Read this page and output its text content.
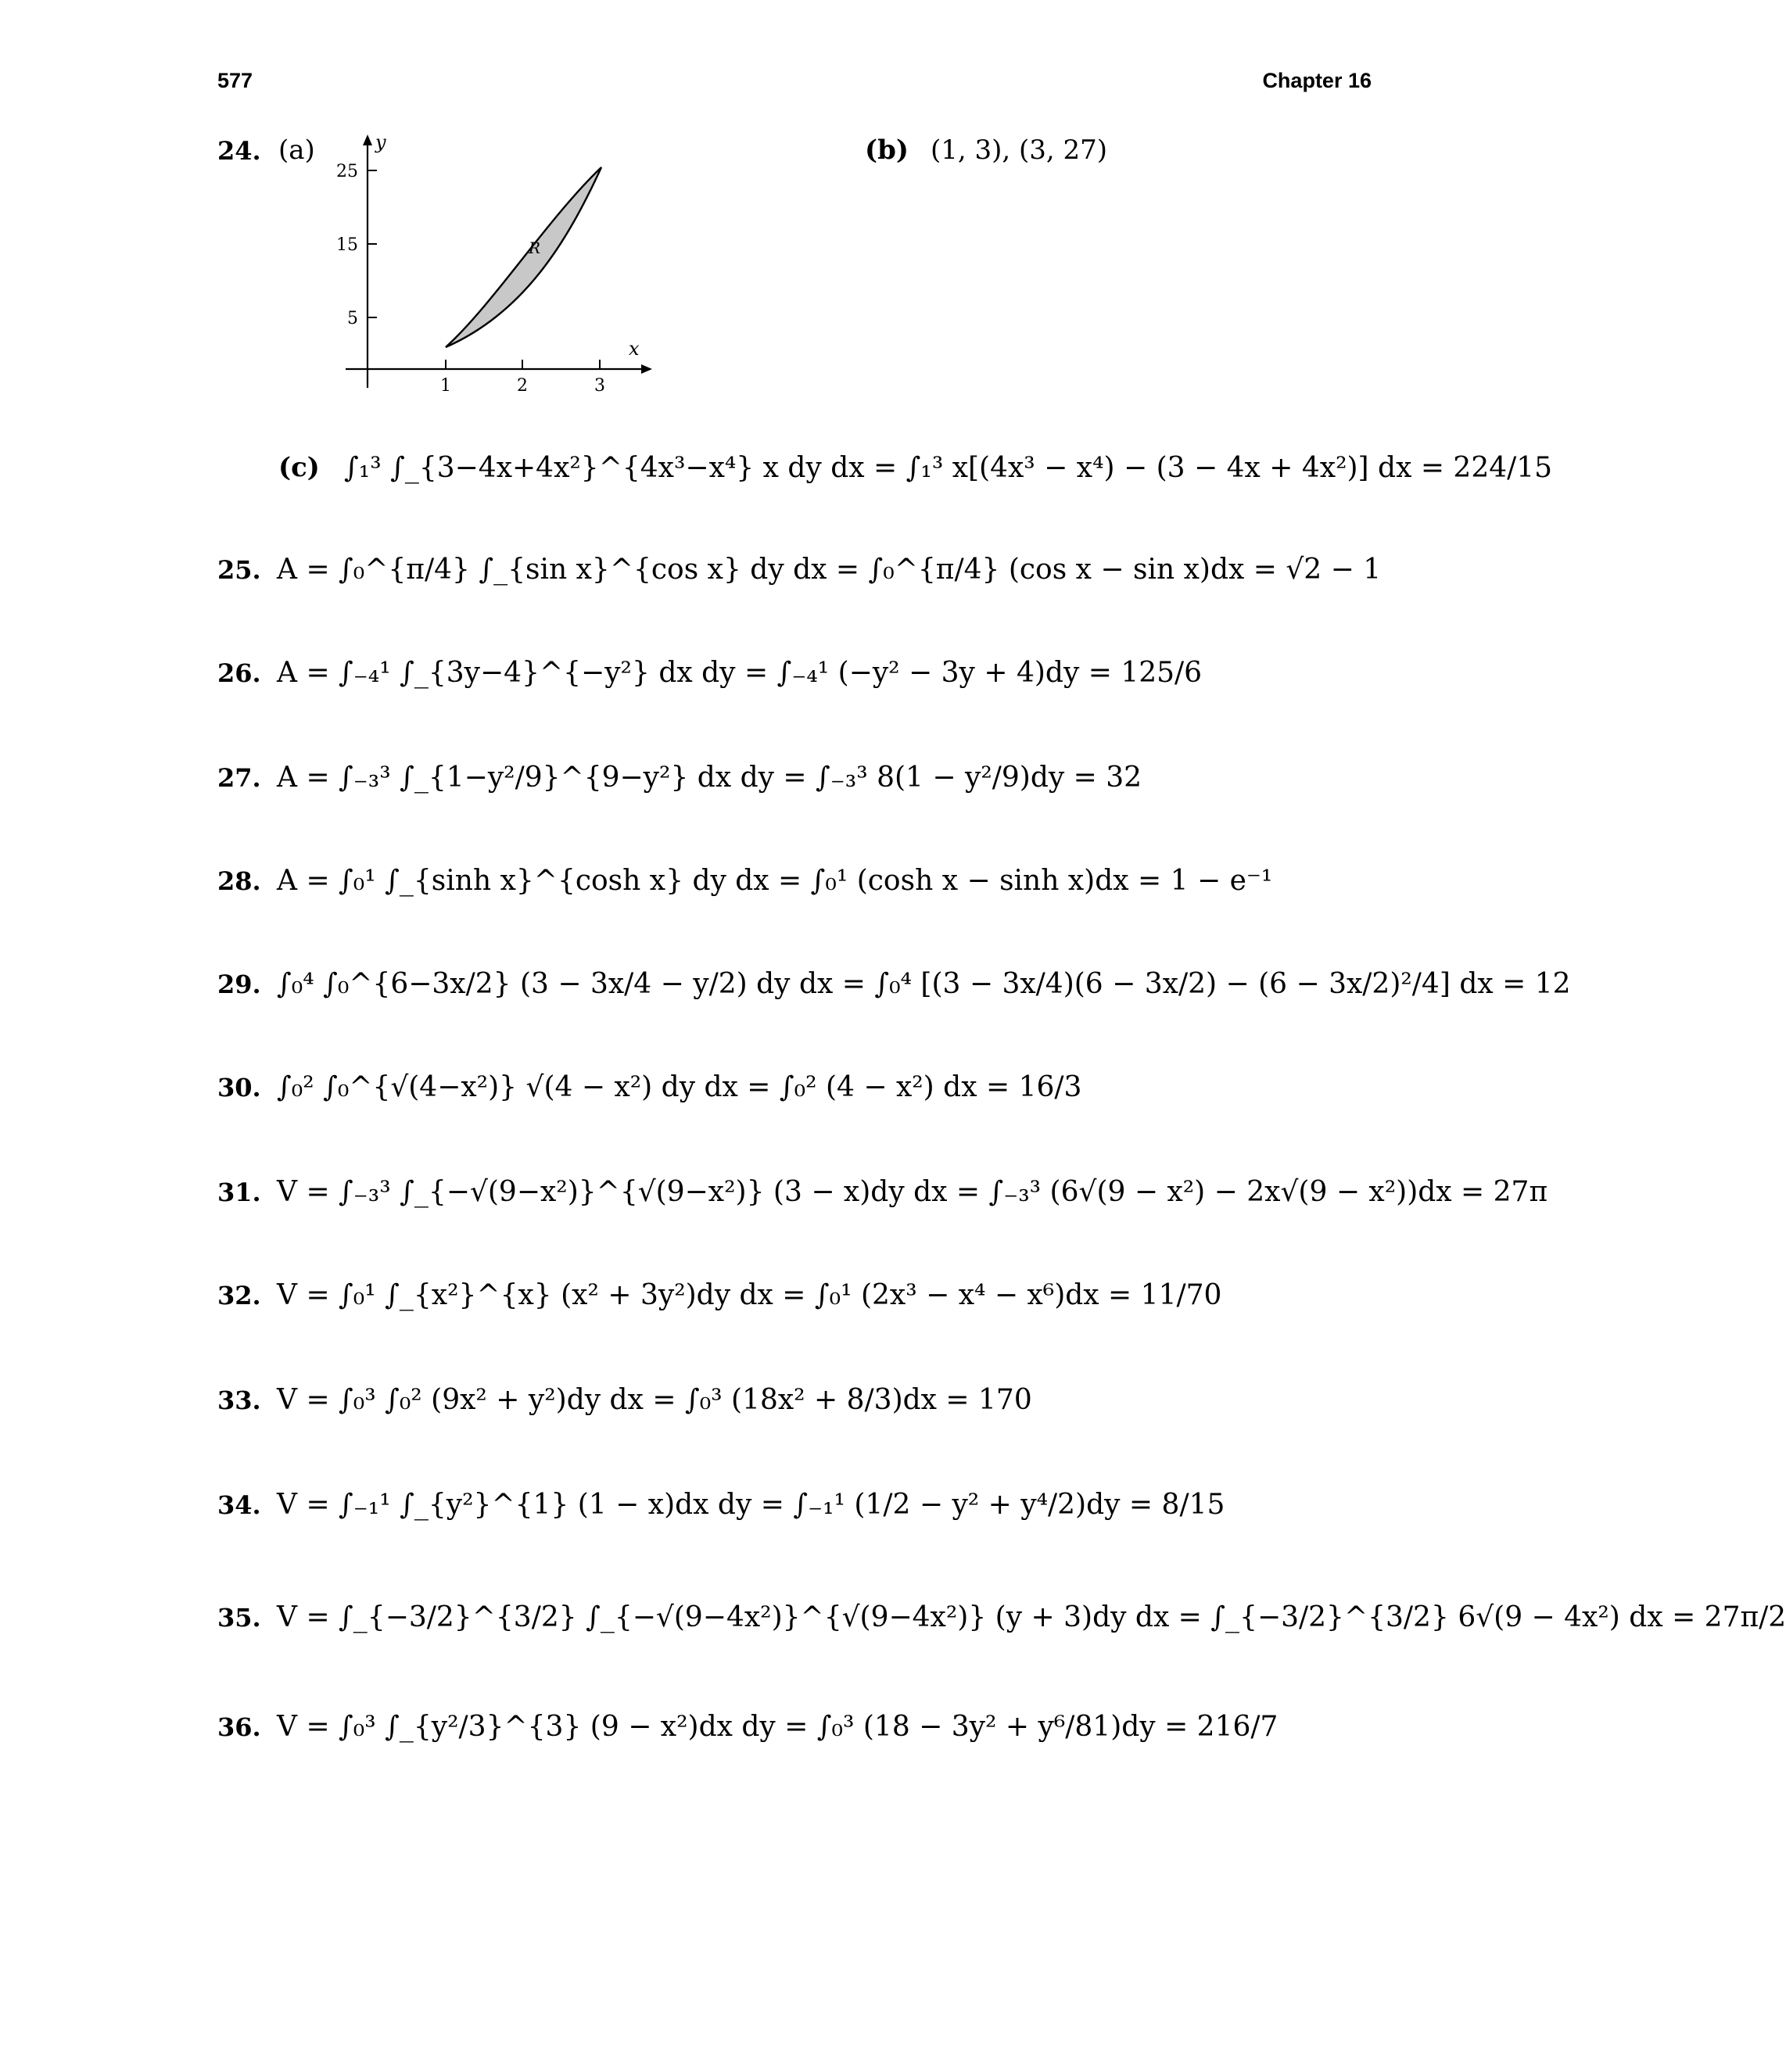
577	Chapter 16
24. (a)	(b) (1, 3), (3, 27)
1	2	3
5
15
25
x
y
R
(c) ∫₁³ ∫_{3−4x+4x²}^{4x³−x⁴} x dy dx = ∫₁³ x[(4x³ − x⁴) − (3 − 4x + 4x²)] dx = 224/15
25. A = ∫₀^{π/4} ∫_{sin x}^{cos x} dy dx = ∫₀^{π/4} (cos x − sin x)dx = √2 − 1
26. A = ∫₋₄¹ ∫_{3y−4}^{−y²} dx dy = ∫₋₄¹ (−y² − 3y + 4)dy = 125/6
27. A = ∫₋₃³ ∫_{1−y²/9}^{9−y²} dx dy = ∫₋₃³ 8(1 − y²/9)dy = 32
28. A = ∫₀¹ ∫_{sinh x}^{cosh x} dy dx = ∫₀¹ (cosh x − sinh x)dx = 1 − e⁻¹
29. ∫₀⁴ ∫₀^{6−3x/2} (3 − 3x/4 − y/2) dy dx = ∫₀⁴ [(3 − 3x/4)(6 − 3x/2) − (6 − 3x/2)²/4] dx = 12
30. ∫₀² ∫₀^{√(4−x²)} √(4 − x²) dy dx = ∫₀² (4 − x²) dx = 16/3
31. V = ∫₋₃³ ∫_{−√(9−x²)}^{√(9−x²)} (3 − x)dy dx = ∫₋₃³ (6√(9 − x²) − 2x√(9 − x²))dx = 27π
32. V = ∫₀¹ ∫_{x²}^{x} (x² + 3y²)dy dx = ∫₀¹ (2x³ − x⁴ − x⁶)dx = 11/70
33. V = ∫₀³ ∫₀² (9x² + y²)dy dx = ∫₀³ (18x² + 8/3)dx = 170
34. V = ∫₋₁¹ ∫_{y²}^{1} (1 − x)dx dy = ∫₋₁¹ (1/2 − y² + y⁴/2)dy = 8/15
35. V = ∫_{−3/2}^{3/2} ∫_{−√(9−4x²)}^{√(9−4x²)} (y + 3)dy dx = ∫_{−3/2}^{3/2} 6√(9 − 4x²) dx = 27π/2
36. V = ∫₀³ ∫_{y²/3}^{3} (9 − x²)dx dy = ∫₀³ (18 − 3y² + y⁶/81)dy = 216/7
